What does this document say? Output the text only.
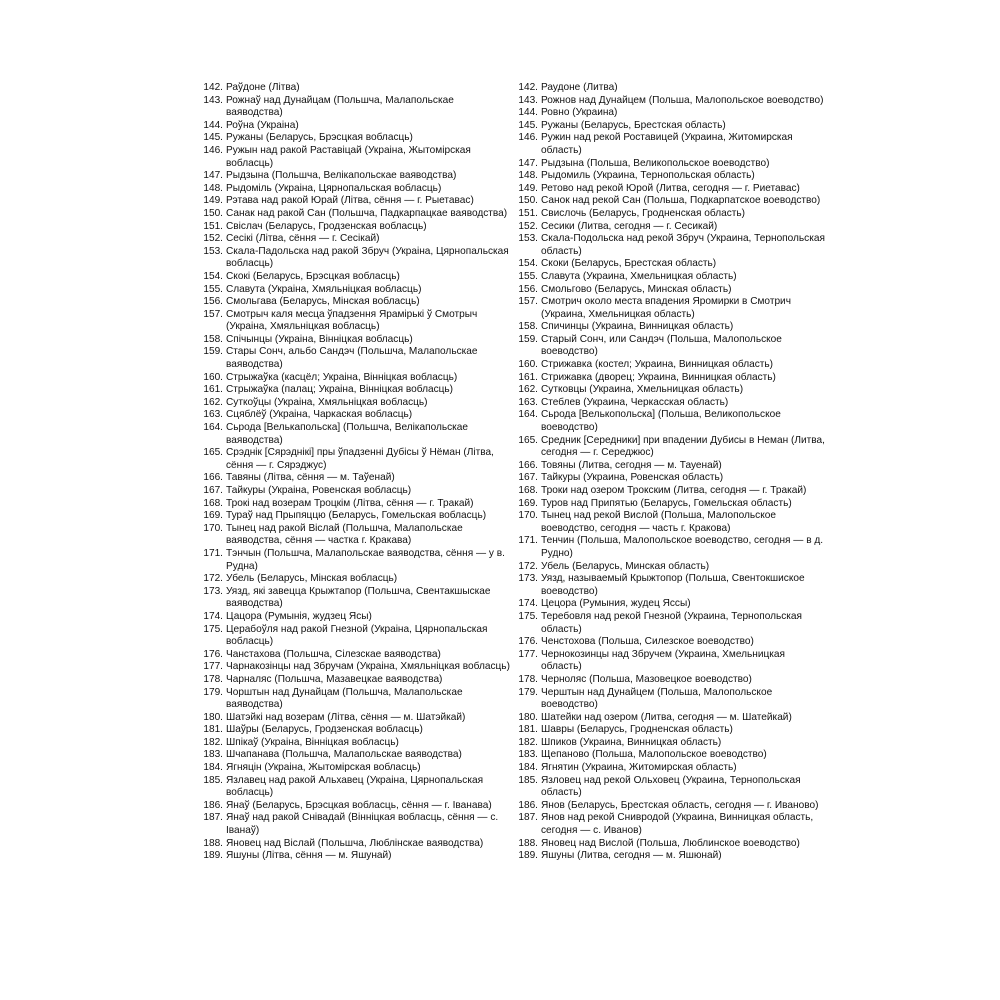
142. Раўдоне (Літва)
143. Рожнаў над Дунайцам (Польшча, Малапольскае ваяводства)
144. Роўна (Украіна)
145. Ружаны (Беларусь, Брэсцкая вобласць)
146. Ружын над ракой Раставіцай (Украіна, Жытомірская вобласць)
147. Рыдзына (Польшча, Велікапольскае ваяводства)
148. Рыдоміль (Украіна, Цярнопальская вобласць)
149. Рэтава над ракой Юрай (Літва, сёння — г. Рыетавас)
150. Санак над ракой Сан (Польшча, Падкарпацкае ваяводства)
151. Свіслач (Беларусь, Гродзенская вобласць)
152. Сесікі (Літва, сёння — г. Сесікай)
153. Скала-Падольска над ракой Збруч (Украіна, Цярнопальская вобласць)
154. Скокі (Беларусь, Брэсцкая вобласць)
155. Славута (Украіна, Хмяльніцкая вобласць)
156. Смольгава (Беларусь, Мінская вобласць)
157. Смотрыч каля месца ўпадзення Ярамірькі ў Смотрыч (Украіна, Хмяльніцкая вобласць)
158. Спічынцы (Украіна, Вінніцкая вобласць)
159. Стары Сонч, альбо Сандэч (Польшча, Малапольскае ваяводства)
160. Стрыжаўка (касцёл; Украіна, Вінніцкая вобласць)
161. Стрыжаўка (палац; Украіна, Вінніцкая вобласць)
162. Суткоўцы (Украіна, Хмяльніцкая вобласць)
163. Сцяблёў (Украіна, Чаркаская вобласць)
164. Сьрода [Велькапольска] (Польшча, Велікапольскае ваяводства)
165. Срэднік [Сярэднікі] пры ўпадзенні Дубісы ў Нёман (Літва, сёння — г. Сярэджус)
166. Тавяны (Літва, сёння — м. Таўенай)
167. Тайкуры (Украіна, Ровенская вобласць)
168. Трокі над возерам Троцкім (Літва, сёння — г. Тракай)
169. Тураў над Прыпяццю (Беларусь, Гомельская вобласць)
170. Тынец над ракой Віслай (Польшча, Малапольскае ваяводства, сёння — частка г. Кракава)
171. Тэнчын (Польшча, Малапольскае ваяводства, сёння — у в. Рудна)
172. Убель (Беларусь, Мінская вобласць)
173. Уязд, які завецца Крыжтапор (Польшча, Свентакшыскае ваяводства)
174. Цацора (Румынія, жудзец Ясы)
175. Церабоўля над ракой Гнезной (Украіна, Цярнопальская вобласць)
176. Чанстахова (Польшча, Сілезскае ваяводства)
177. Чарнакозінцы над Збручам (Украіна, Хмяльніцкая вобласць)
178. Чарналяс (Польшча, Мазавецкае ваяводства)
179. Чорштын над Дунайцам (Польшча, Малапольскае ваяводства)
180. Шатэйкі над возерам (Літва, сёння — м. Шатэйкай)
181. Шаўры (Беларусь, Гродзенская вобласць)
182. Шпікаў (Украіна, Вінніцкая вобласць)
183. Шчапанава (Польшча, Малапольскае ваяводства)
184. Ягняцін (Украіна, Жытомірская вобласць)
185. Язлавец над ракой Альхавец (Украіна, Цярнопальская вобласць)
186. Янаў (Беларусь, Брэсцкая вобласць, сёння — г. Іванава)
187. Янаў над ракой Снівадай (Вінніцкая вобласць, сёння — с. Іванаў)
188. Яновец над Віслай (Польшча, Люблінскае ваяводства)
189. Яшуны (Літва, сёння — м. Яшунай)
142. Раудоне (Литва)
143. Рожнов над Дунайцем (Польша, Малопольское воеводство)
144. Ровно (Украина)
145. Ружаны (Беларусь, Брестская область)
146. Ружин над рекой Роставицей (Украина, Житомирская область)
147. Рыдзына (Польша, Великопольское воеводство)
148. Рыдомиль (Украина, Тернопольская область)
149. Ретово над рекой Юрой (Литва, сегодня — г. Риетавас)
150. Санок над рекой Сан (Польша, Подкарпатское воеводство)
151. Свислочь (Беларусь, Гродненская область)
152. Сесики (Литва, сегодня — г. Сесикай)
153. Скала-Подольска над рекой Збруч (Украина, Тернопольская область)
154. Скоки (Беларусь, Брестская область)
155. Славута (Украина, Хмельницкая область)
156. Смольгово (Беларусь, Минская область)
157. Смотрич около места впадения Яромирки в Смотрич (Украина, Хмельницкая область)
158. Спичинцы (Украина, Винницкая область)
159. Старый Сонч, или Сандэч (Польша, Малопольское воеводство)
160. Стрижавка (костел; Украина, Винницкая область)
161. Стрижавка (дворец; Украина, Винницкая область)
162. Сутковцы (Украина, Хмельницкая область)
163. Стеблев (Украина, Черкасская область)
164. Сьрода [Велькопольска] (Польша, Великопольское воеводство)
165. Средник [Середники] при впадении Дубисы в Неман (Литва, сегодня — г. Середжюс)
166. Товяны (Литва, сегодня — м. Тауенай)
167. Тайкуры (Украина, Ровенская область)
168. Троки над озером Трокским (Литва, сегодня — г. Тракай)
169. Туров над Припятью (Беларусь, Гомельская область)
170. Тынец над рекой Вислой (Польша, Малопольское воеводство, сегодня — часть г. Кракова)
171. Тенчин (Польша, Малопольское воеводство, сегодня — в д. Рудно)
172. Убель (Беларусь, Минская область)
173. Уязд, называемый Крыжтопор (Польша, Свентокшиское воеводство)
174. Цецора (Румыния, жудец Яссы)
175. Теребовля над рекой Гнезной (Украина, Тернопольская область)
176. Ченстохова (Польша, Силезское воеводство)
177. Чернокозинцы над Збручем (Украина, Хмельницкая область)
178. Черноляс (Польша, Мазовецкое воеводство)
179. Черштын над Дунайцем (Польша, Малопольское воеводство)
180. Шатейки над озером (Литва, сегодня — м. Шатейкай)
181. Шавры (Беларусь, Гродненская область)
182. Шпиков (Украина, Винницкая область)
183. Щепаново (Польша, Малопольское воеводство)
184. Ягнятин (Украина, Житомирская область)
185. Язловец над рекой Ольховец (Украина, Тернопольская область)
186. Янов (Беларусь, Брестская область, сегодня — г. Иваново)
187. Янов над рекой Снивродой (Украина, Винницкая область, сегодня — с. Иванов)
188. Яновец над Вислой (Польша, Люблинское воеводство)
189. Яшуны (Литва, сегодня — м. Яшюнай)
